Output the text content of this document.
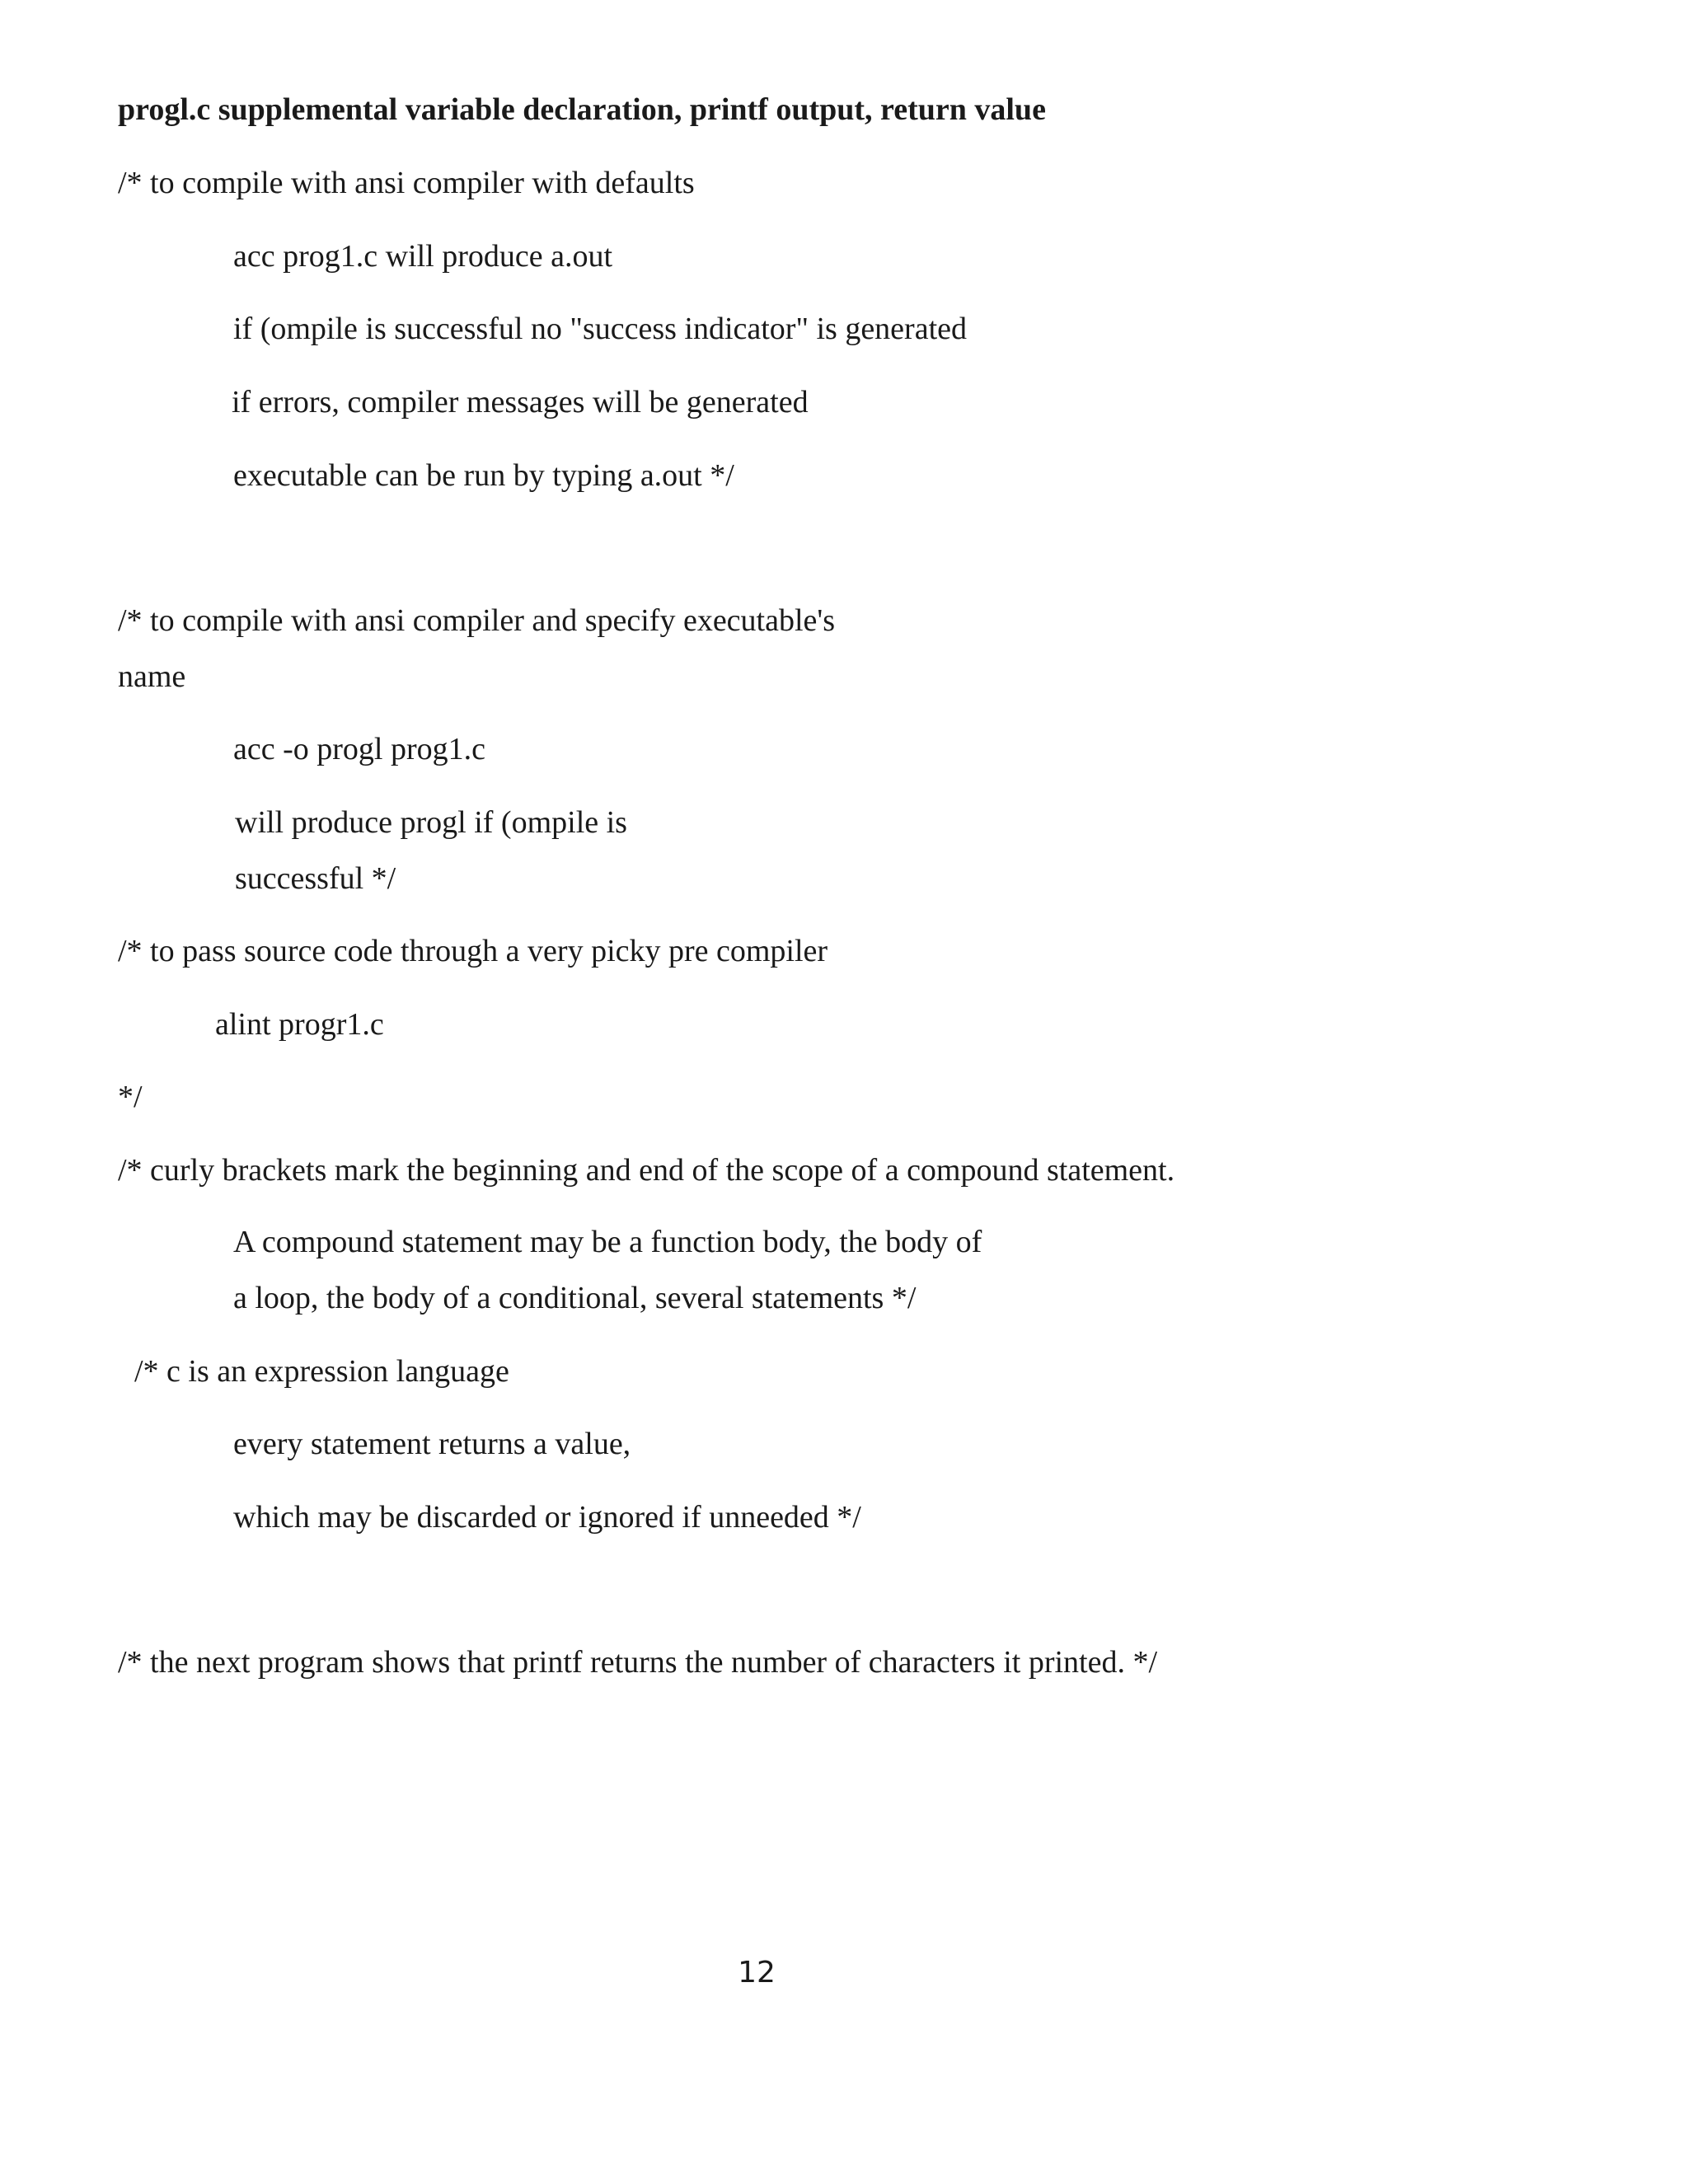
progl.c supplemental variable declaration, printf output, return value
/* to compile with ansi compiler with defaults
acc prog1.c will produce a.out
if (ompile is successful no "success indicator" is generated
if errors, compiler messages will be generated
executable can be run by typing a.out */
/* to compile with ansi compiler and specify executable's
name
acc -o progl prog1.c
will produce progl if (ompile is
successful */
/* to pass source code through a very picky pre compiler
alint progr1.c
*/
/* curly brackets mark the beginning and end of the scope of a compound statement.
A compound statement may be a function body, the body of
a loop, the body of a conditional, several statements */
/* c is an expression language
every statement returns a value,
which may be discarded or ignored if unneeded */
/* the next program shows that printf returns the number of characters it printed. */
12
